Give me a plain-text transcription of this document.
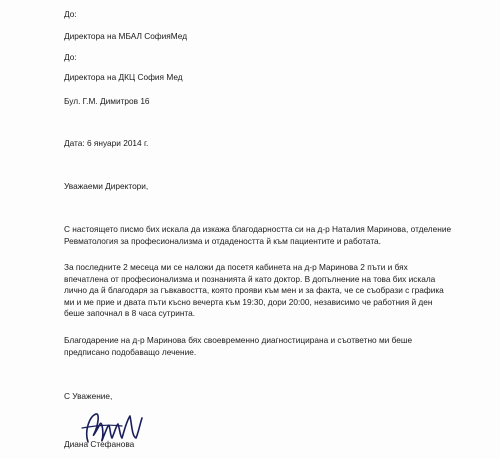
До:
Директора на МБАЛ СофияМед
До:
Директора на ДКЦ София Мед
Бул. Г.М. Димитров 16
Дата: 6 януари 2014 г.
Уважаеми Директори,
С настоящето писмо бих искала да изкажа благодарността си на д-р Наталия Маринова, отделение
Ревматология за професионализма и отдадеността й към пациентите и работата.
За последните 2 месеца ми се наложи да посетя кабинета на д-р Маринова 2 пъти и бях
впечатлена от професионализма и познанията й като доктор. В допълнение на това бих искала
лично да й благодаря за гъвкавостта, която прояви към мен и за факта, че се съобрази с графика
ми и ме прие и двата пъти късно вечерта към 19:30, дори 20:00, независимо че работния й ден
беше започнал в 8 часа сутринта.
Благодарение на д-р Маринова бях своевременно диагностицирана и съответно ми беше
предписано подобаващо лечение.
С Уважение,
Диана Стефанова
